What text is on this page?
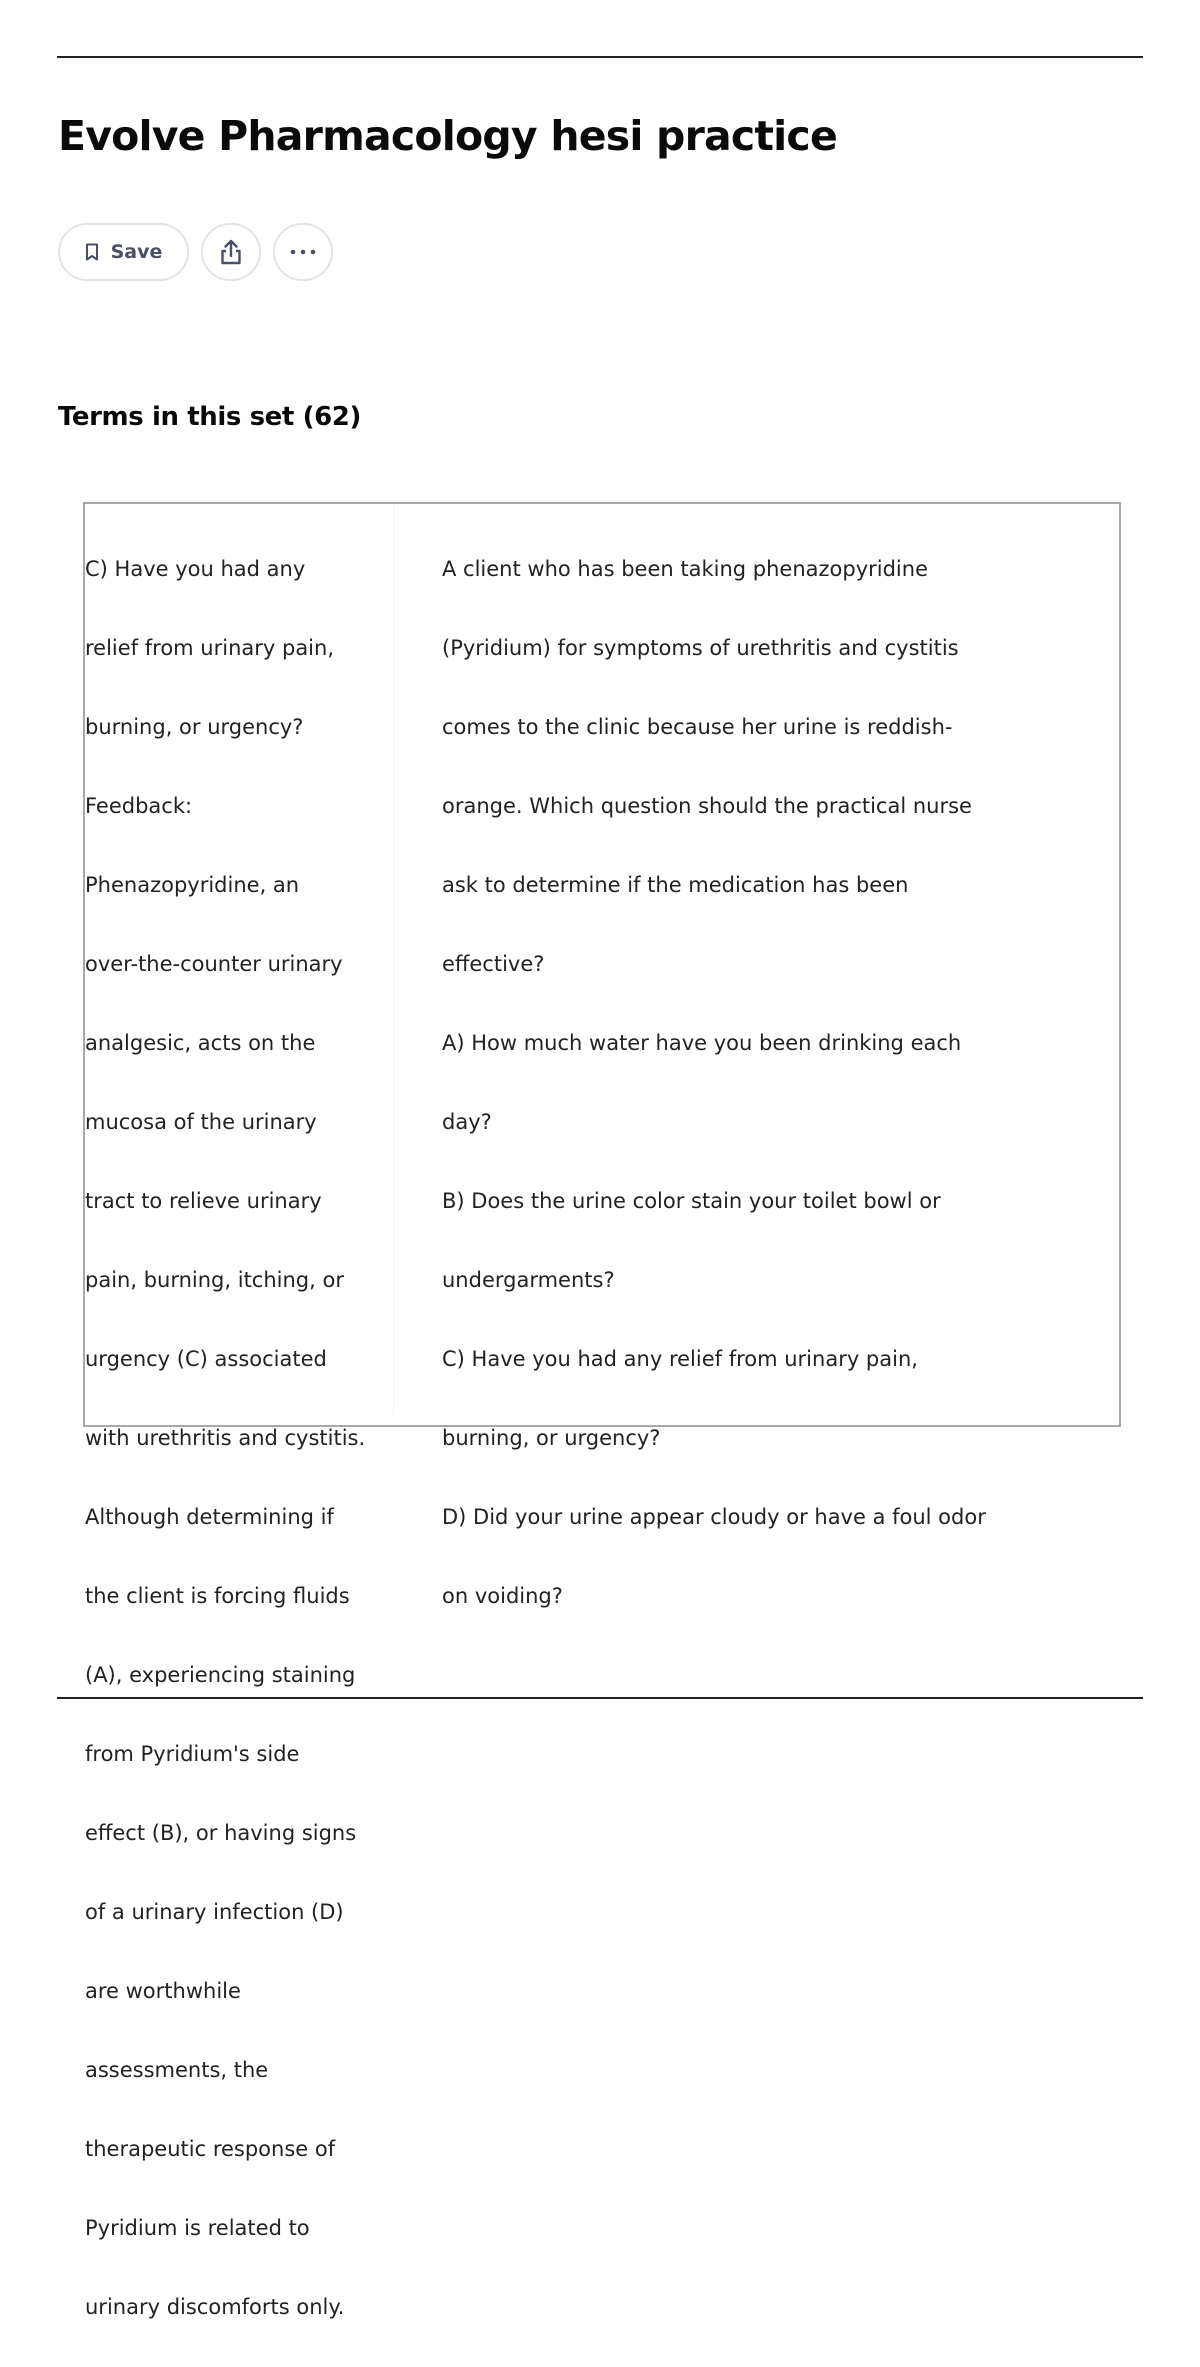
Evolve Pharmacology hesi practice
Save
Terms in this set (62)

C) Have you had any

relief from urinary pain,

burning, or urgency?

Feedback:

Phenazopyridine, an

over-the-counter urinary

analgesic, acts on the

mucosa of the urinary

tract to relieve urinary

pain, burning, itching, or

urgency (C) associated

with urethritis and cystitis.

Although determining if

the client is forcing fluids

(A), experiencing staining

from Pyridium's side

effect (B), or having signs

of a urinary infection (D)

are worthwhile

assessments, the

therapeutic response of

Pyridium is related to

urinary discomforts only.

A client who has been taking phenazopyridine

(Pyridium) for symptoms of urethritis and cystitis

comes to the clinic because her urine is reddish-

orange. Which question should the practical nurse

ask to determine if the medication has been

effective?

A) How much water have you been drinking each

day?

B) Does the urine color stain your toilet bowl or

undergarments?

C) Have you had any relief from urinary pain,

burning, or urgency?

D) Did your urine appear cloudy or have a foul odor

on voiding?
